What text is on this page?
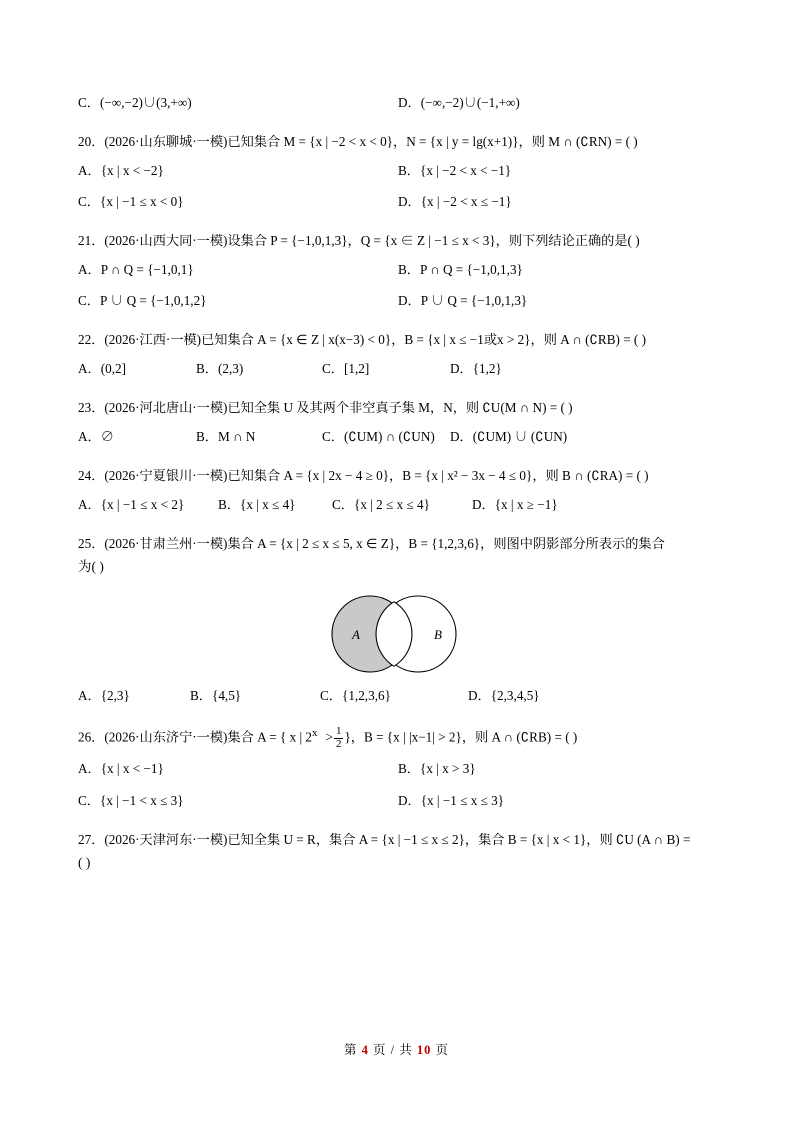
C．(−∞,−2)∪(3,+∞)	D．(−∞,−2)∪(−1,+∞)
20．(2026·山东聊城·一模)已知集合 M = {x | −2 < x < 0}，N = {x | y = lg(x+1)}，则 M ∩ (∁RN) = ( )
A．{x | x < −2}	B．{x | −2 < x < −1}
C．{x | −1 ≤ x < 0}	D．{x | −2 < x ≤ −1}
21．(2026·山西大同·一模)设集合 P = {−1,0,1,3}，Q = {x ∈ Z | −1 ≤ x < 3}，则下列结论正确的是( )
A．P ∩ Q = {−1,0,1}	B．P ∩ Q = {−1,0,1,3}
C．P ∪ Q = {−1,0,1,2}	D．P ∪ Q = {−1,0,1,3}
22．(2026·江西·一模)已知集合 A = {x ∈ Z | x(x−3) < 0}，B = {x | x ≤ −1或x > 2}，则 A ∩ (∁RB) = ( )
A．(0,2]	B．(2,3)	C．[1,2]	D．{1,2}
23．(2026·河北唐山·一模)已知全集 U 及其两个非空真子集 M，N，则 ∁U(M ∩ N) = ( )
A．∅	B．M ∩ N	C．(∁UM) ∩ (∁UN)	D．(∁UM) ∪ (∁UN)
24．(2026·宁夏银川·一模)已知集合 A = {x | 2x − 4 ≥ 0}，B = {x | x² − 3x − 4 ≤ 0}，则 B ∩ (∁RA) = ( )
A．{x | −1 ≤ x < 2}	B．{x | x ≤ 4}	C．{x | 2 ≤ x ≤ 4}	D．{x | x ≥ −1}
25．(2026·甘肃兰州·一模)集合 A = {x | 2 ≤ x ≤ 5, x ∈ Z}，B = {1,2,3,6}，则图中阴影部分所表示的集合
为( )
A	B
A．{2,3}	B．{4,5}	C．{1,2,3,6}	D．{2,3,4,5}
26．(2026·山东济宁·一模)集合 A = { x | $2^x > \frac{1}{2}$ }，B = {x | |x−1| > 2}，则 A ∩ (∁RB) = ( )
A．{x | x < −1}	B．{x | x > 3}
C．{x | −1 < x ≤ 3}	D．{x | −1 ≤ x ≤ 3}
27．(2026·天津河东·一模)已知全集 U = R，集合 A = {x | −1 ≤ x ≤ 2}，集合 B = {x | x < 1}，则 ∁U (A ∩ B) =
( )
第 4 页 / 共 10 页
